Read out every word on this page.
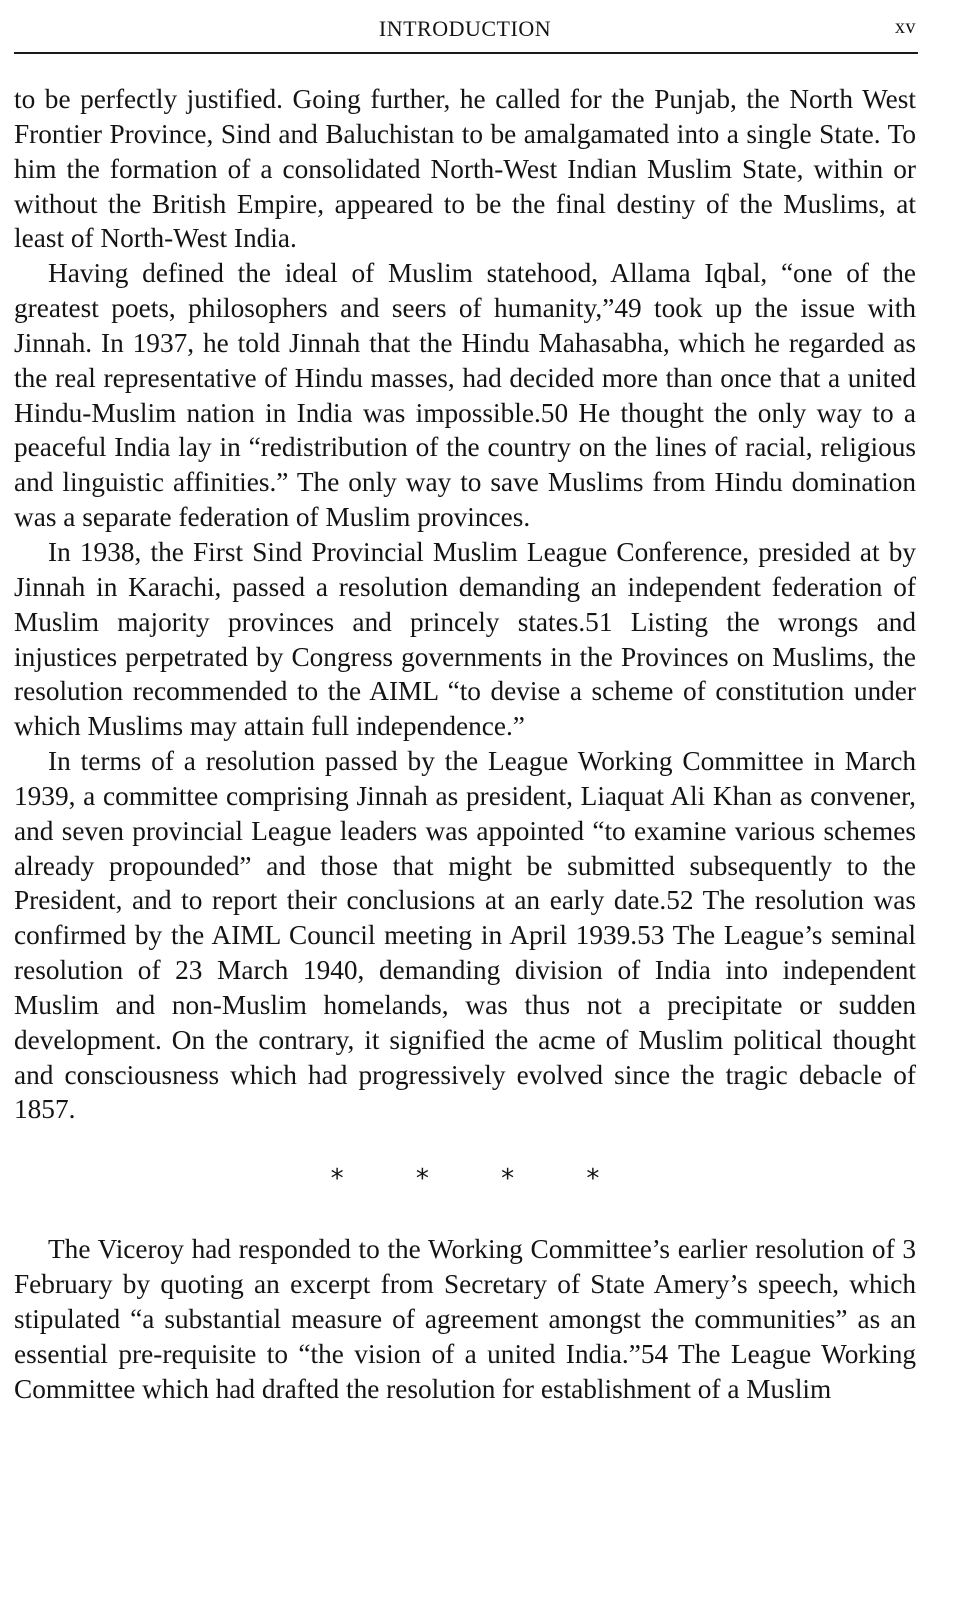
INTRODUCTION	xv

to be perfectly justified. Going further, he called for the Punjab, the North West Frontier Province, Sind and Baluchistan to be amalgamated into a single State. To him the formation of a consolidated North-West Indian Muslim State, within or without the British Empire, appeared to be the final destiny of the Muslims, at least of North-West India.

Having defined the ideal of Muslim statehood, Allama Iqbal, “one of the greatest poets, philosophers and seers of humanity,”49 took up the issue with Jinnah. In 1937, he told Jinnah that the Hindu Mahasabha, which he regarded as the real representative of Hindu masses, had decided more than once that a united Hindu-Muslim nation in India was impossible.50 He thought the only way to a peaceful India lay in “redistribution of the country on the lines of racial, religious and linguistic affinities.” The only way to save Muslims from Hindu domination was a separate federation of Muslim provinces.

In 1938, the First Sind Provincial Muslim League Conference, presided at by Jinnah in Karachi, passed a resolution demanding an independent federation of Muslim majority provinces and princely states.51 Listing the wrongs and injustices perpetrated by Congress governments in the Provinces on Muslims, the resolution recommended to the AIML “to devise a scheme of constitution under which Muslims may attain full independence.”

In terms of a resolution passed by the League Working Committee in March 1939, a committee comprising Jinnah as president, Liaquat Ali Khan as convener, and seven provincial League leaders was appointed “to examine various schemes already propounded” and those that might be submitted subsequently to the President, and to report their conclusions at an early date.52 The resolution was confirmed by the AIML Council meeting in April 1939.53 The League’s seminal resolution of 23 March 1940, demanding division of India into independent Muslim and non-Muslim homelands, was thus not a precipitate or sudden development. On the contrary, it signified the acme of Muslim political thought and consciousness which had progressively evolved since the tragic debacle of 1857.

* * * *

The Viceroy had responded to the Working Committee’s earlier resolution of 3 February by quoting an excerpt from Secretary of State Amery’s speech, which stipulated “a substantial measure of agreement amongst the communities” as an essential pre-requisite to “the vision of a united India.”54 The League Working Committee which had drafted the resolution for establishment of a Muslim
